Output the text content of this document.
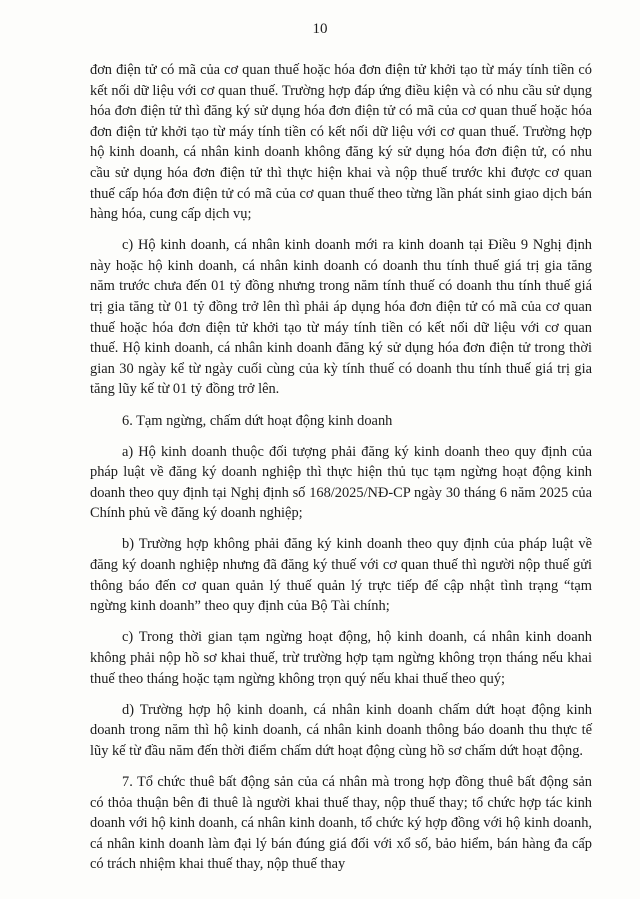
10

đơn điện tử có mã của cơ quan thuế hoặc hóa đơn điện tử khởi tạo từ máy tính tiền có kết nối dữ liệu với cơ quan thuế. Trường hợp đáp ứng điều kiện và có nhu cầu sử dụng hóa đơn điện tử thì đăng ký sử dụng hóa đơn điện tử có mã của cơ quan thuế hoặc hóa đơn điện tử khởi tạo từ máy tính tiền có kết nối dữ liệu với cơ quan thuế. Trường hợp hộ kinh doanh, cá nhân kinh doanh không đăng ký sử dụng hóa đơn điện tử, có nhu cầu sử dụng hóa đơn điện tử thì thực hiện khai và nộp thuế trước khi được cơ quan thuế cấp hóa đơn điện tử có mã của cơ quan thuế theo từng lần phát sinh giao dịch bán hàng hóa, cung cấp dịch vụ;

c) Hộ kinh doanh, cá nhân kinh doanh mới ra kinh doanh tại Điều 9 Nghị định này hoặc hộ kinh doanh, cá nhân kinh doanh có doanh thu tính thuế giá trị gia tăng năm trước chưa đến 01 tỷ đồng nhưng trong năm tính thuế có doanh thu tính thuế giá trị gia tăng từ 01 tỷ đồng trở lên thì phải áp dụng hóa đơn điện tử có mã của cơ quan thuế hoặc hóa đơn điện tử khởi tạo từ máy tính tiền có kết nối dữ liệu với cơ quan thuế. Hộ kinh doanh, cá nhân kinh doanh đăng ký sử dụng hóa đơn điện tử trong thời gian 30 ngày kể từ ngày cuối cùng của kỳ tính thuế có doanh thu tính thuế giá trị gia tăng lũy kế từ 01 tỷ đồng trở lên.

6. Tạm ngừng, chấm dứt hoạt động kinh doanh

a) Hộ kinh doanh thuộc đối tượng phải đăng ký kinh doanh theo quy định của pháp luật về đăng ký doanh nghiệp thì thực hiện thủ tục tạm ngừng hoạt động kinh doanh theo quy định tại Nghị định số 168/2025/NĐ-CP ngày 30 tháng 6 năm 2025 của Chính phủ về đăng ký doanh nghiệp;

b) Trường hợp không phải đăng ký kinh doanh theo quy định của pháp luật về đăng ký doanh nghiệp nhưng đã đăng ký thuế với cơ quan thuế thì người nộp thuế gửi thông báo đến cơ quan quản lý thuế quản lý trực tiếp để cập nhật tình trạng “tạm ngừng kinh doanh” theo quy định của Bộ Tài chính;

c) Trong thời gian tạm ngừng hoạt động, hộ kinh doanh, cá nhân kinh doanh không phải nộp hồ sơ khai thuế, trừ trường hợp tạm ngừng không trọn tháng nếu khai thuế theo tháng hoặc tạm ngừng không trọn quý nếu khai thuế theo quý;

d) Trường hợp hộ kinh doanh, cá nhân kinh doanh chấm dứt hoạt động kinh doanh trong năm thì hộ kinh doanh, cá nhân kinh doanh thông báo doanh thu thực tế lũy kế từ đầu năm đến thời điểm chấm dứt hoạt động cùng hồ sơ chấm dứt hoạt động.

7. Tổ chức thuê bất động sản của cá nhân mà trong hợp đồng thuê bất động sản có thỏa thuận bên đi thuê là người khai thuế thay, nộp thuế thay; tổ chức hợp tác kinh doanh với hộ kinh doanh, cá nhân kinh doanh, tổ chức ký hợp đồng với hộ kinh doanh, cá nhân kinh doanh làm đại lý bán đúng giá đối với xổ số, bảo hiểm, bán hàng đa cấp có trách nhiệm khai thuế thay, nộp thuế thay
